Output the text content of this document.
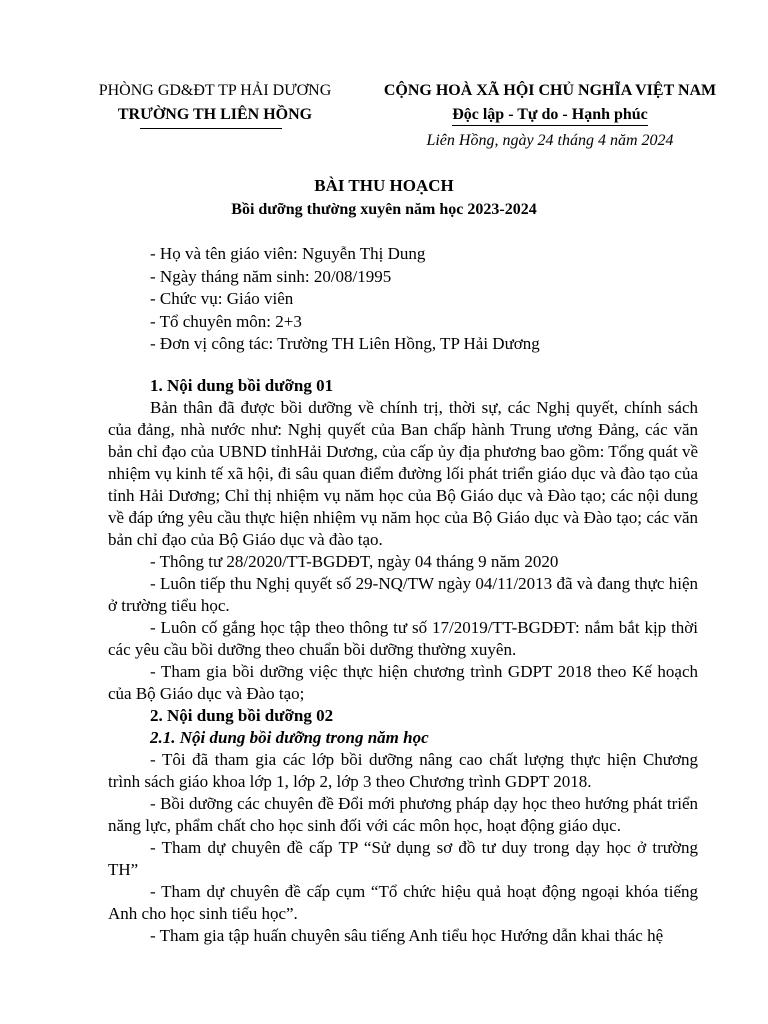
PHÒNG GD&ĐT TP HẢI DƯƠNG
TRƯỜNG TH LIÊN HỒNG
CỘNG HOÀ XÃ HỘI CHỦ NGHĨA VIỆT NAM
Độc lập - Tự do - Hạnh phúc
Liên Hồng, ngày 24 tháng 4 năm 2024
BÀI THU HOẠCH
Bồi dưỡng thường xuyên năm học 2023-2024
- Họ và tên giáo viên: Nguyễn Thị Dung
- Ngày tháng năm sinh: 20/08/1995
- Chức vụ: Giáo viên
- Tổ chuyên môn: 2+3
- Đơn vị công tác: Trường TH Liên Hồng, TP Hải Dương

1. Nội dung bồi dưỡng 01

Bản thân đã được bồi dưỡng về chính trị, thời sự, các Nghị quyết, chính sách của đảng, nhà nước như: Nghị quyết của Ban chấp hành Trung ương Đảng, các văn bản chỉ đạo của UBND tỉnhHải Dương, của cấp ủy địa phương bao gồm: Tổng quát về nhiệm vụ kinh tế xã hội, đi sâu quan điểm đường lối phát triển giáo dục và đào tạo của tỉnh Hải Dương; Chỉ thị nhiệm vụ năm học của Bộ Giáo dục và Đào tạo; các nội dung về đáp ứng yêu cầu thực hiện nhiệm vụ năm học của Bộ Giáo dục và Đào tạo; các văn bản chỉ đạo của Bộ Giáo dục và đào tạo.

- Thông tư 28/2020/TT-BGDĐT, ngày 04 tháng 9 năm 2020

- Luôn tiếp thu Nghị quyết số 29-NQ/TW ngày 04/11/2013 đã và đang thực hiện ở trường tiểu học.

- Luôn cố gắng học tập theo thông tư số 17/2019/TT-BGDĐT: nắm bắt kịp thời các yêu cầu bồi dưỡng theo chuẩn bồi dưỡng thường xuyên.

- Tham gia bồi dưỡng việc thực hiện chương trình GDPT 2018 theo Kế hoạch của Bộ Giáo dục và Đào tạo;

2. Nội dung bồi dưỡng 02

2.1. Nội dung bồi dưỡng trong năm học

- Tôi đã tham gia các lớp bồi dưỡng nâng cao chất lượng thực hiện Chương trình sách giáo khoa lớp 1, lớp 2, lớp 3 theo Chương trình GDPT 2018.

- Bồi dưỡng các chuyên đề Đổi mới phương pháp dạy học theo hướng phát triển năng lực, phẩm chất cho học sinh đối với các môn học, hoạt động giáo dục.

- Tham dự chuyên đề cấp TP “Sử dụng sơ đồ tư duy trong dạy học ở trường TH”

- Tham dự chuyên đề cấp cụm “Tổ chức hiệu quả hoạt động ngoại khóa tiếng Anh cho học sinh tiểu học”.

- Tham gia tập huấn chuyên sâu tiếng Anh tiểu học Hướng dẫn khai thác hệ
